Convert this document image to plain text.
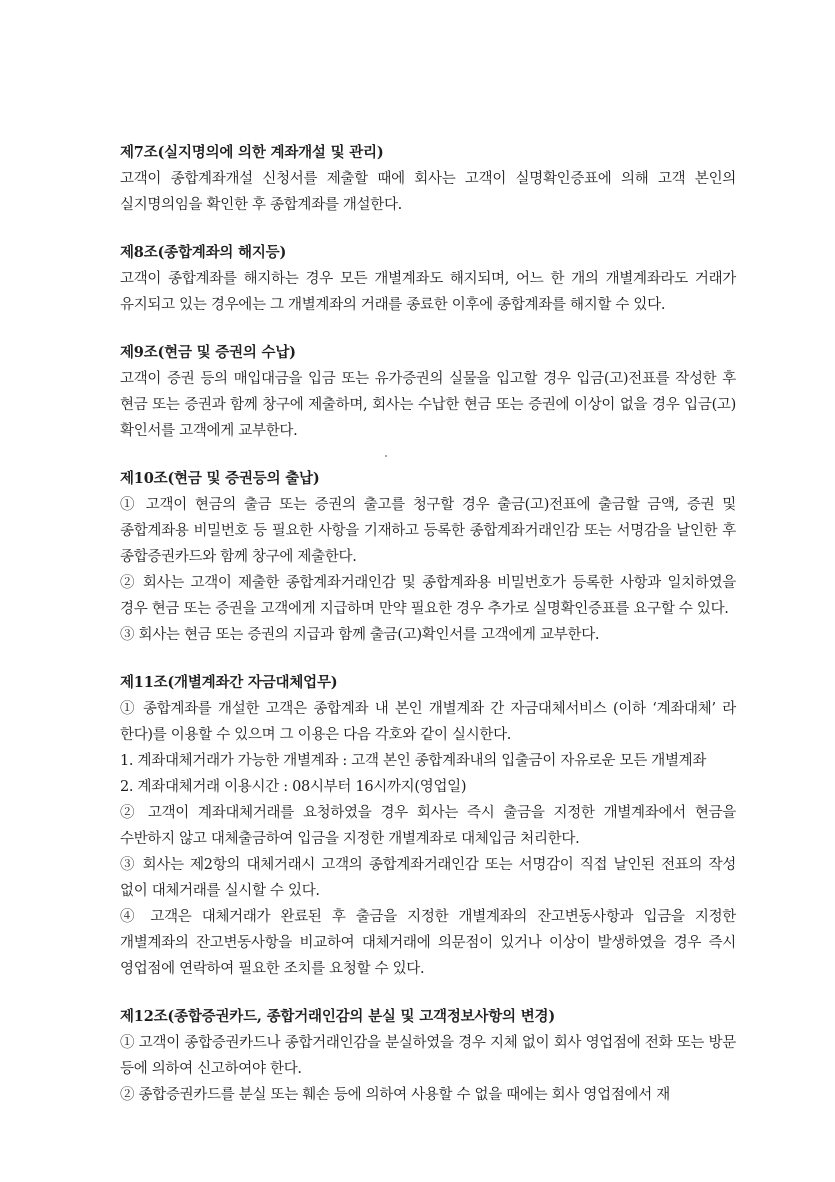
제7조(실지명의에 의한 계좌개설 및 관리)

고객이 종합계좌개설 신청서를 제출할 때에 회사는 고객이 실명확인증표에 의해 고객 본인의 실지명의임을 확인한 후 종합계좌를 개설한다.

제8조(종합계좌의 해지등)

고객이 종합계좌를 해지하는 경우 모든 개별계좌도 해지되며, 어느 한 개의 개별계좌라도 거래가 유지되고 있는 경우에는 그 개별계좌의 거래를 종료한 이후에 종합계좌를 해지할 수 있다.

제9조(현금 및 증권의 수납)

고객이 증권 등의 매입대금을 입금 또는 유가증권의 실물을 입고할 경우 입금(고)전표를 작성한 후 현금 또는 증권과 함께 창구에 제출하며, 회사는 수납한 현금 또는 증권에 이상이 없을 경우 입금(고)확인서를 고객에게 교부한다.

제10조(현금 및 증권등의 출납)

① 고객이 현금의 출금 또는 증권의 출고를 청구할 경우 출금(고)전표에 출금할 금액, 증권 및 종합계좌용 비밀번호 등 필요한 사항을 기재하고 등록한 종합계좌거래인감 또는 서명감을 날인한 후 종합증권카드와 함께 창구에 제출한다.

② 회사는 고객이 제출한 종합계좌거래인감 및 종합계좌용 비밀번호가 등록한 사항과 일치하였을 경우 현금 또는 증권을 고객에게 지급하며 만약 필요한 경우 추가로 실명확인증표를 요구할 수 있다.

③ 회사는 현금 또는 증권의 지급과 함께 출금(고)확인서를 고객에게 교부한다.

제11조(개별계좌간 자금대체업무)

① 종합계좌를 개설한 고객은 종합계좌 내 본인 개별계좌 간 자금대체서비스 (이하 ‘계좌대체’ 라 한다)를 이용할 수 있으며 그 이용은 다음 각호와 같이 실시한다.

1. 계좌대체거래가 가능한 개별계좌 : 고객 본인 종합계좌내의 입출금이 자유로운 모든 개별계좌

2. 계좌대체거래 이용시간 : 08시부터 16시까지(영업일)

② 고객이 계좌대체거래를 요청하였을 경우 회사는 즉시 출금을 지정한 개별계좌에서 현금을 수반하지 않고 대체출금하여 입금을 지정한 개별계좌로 대체입금 처리한다.

③ 회사는 제2항의 대체거래시 고객의 종합계좌거래인감 또는 서명감이 직접 날인된 전표의 작성 없이 대체거래를 실시할 수 있다.

④ 고객은 대체거래가 완료된 후 출금을 지정한 개별계좌의 잔고변동사항과 입금을 지정한 개별계좌의 잔고변동사항을 비교하여 대체거래에 의문점이 있거나 이상이 발생하였을 경우 즉시 영업점에 연락하여 필요한 조치를 요청할 수 있다.

제12조(종합증권카드, 종합거래인감의 분실 및 고객정보사항의 변경)

① 고객이 종합증권카드나 종합거래인감을 분실하였을 경우 지체 없이 회사 영업점에 전화 또는 방문 등에 의하여 신고하여야 한다.

② 종합증권카드를 분실 또는 훼손 등에 의하여 사용할 수 없을 때에는 회사 영업점에서 재
